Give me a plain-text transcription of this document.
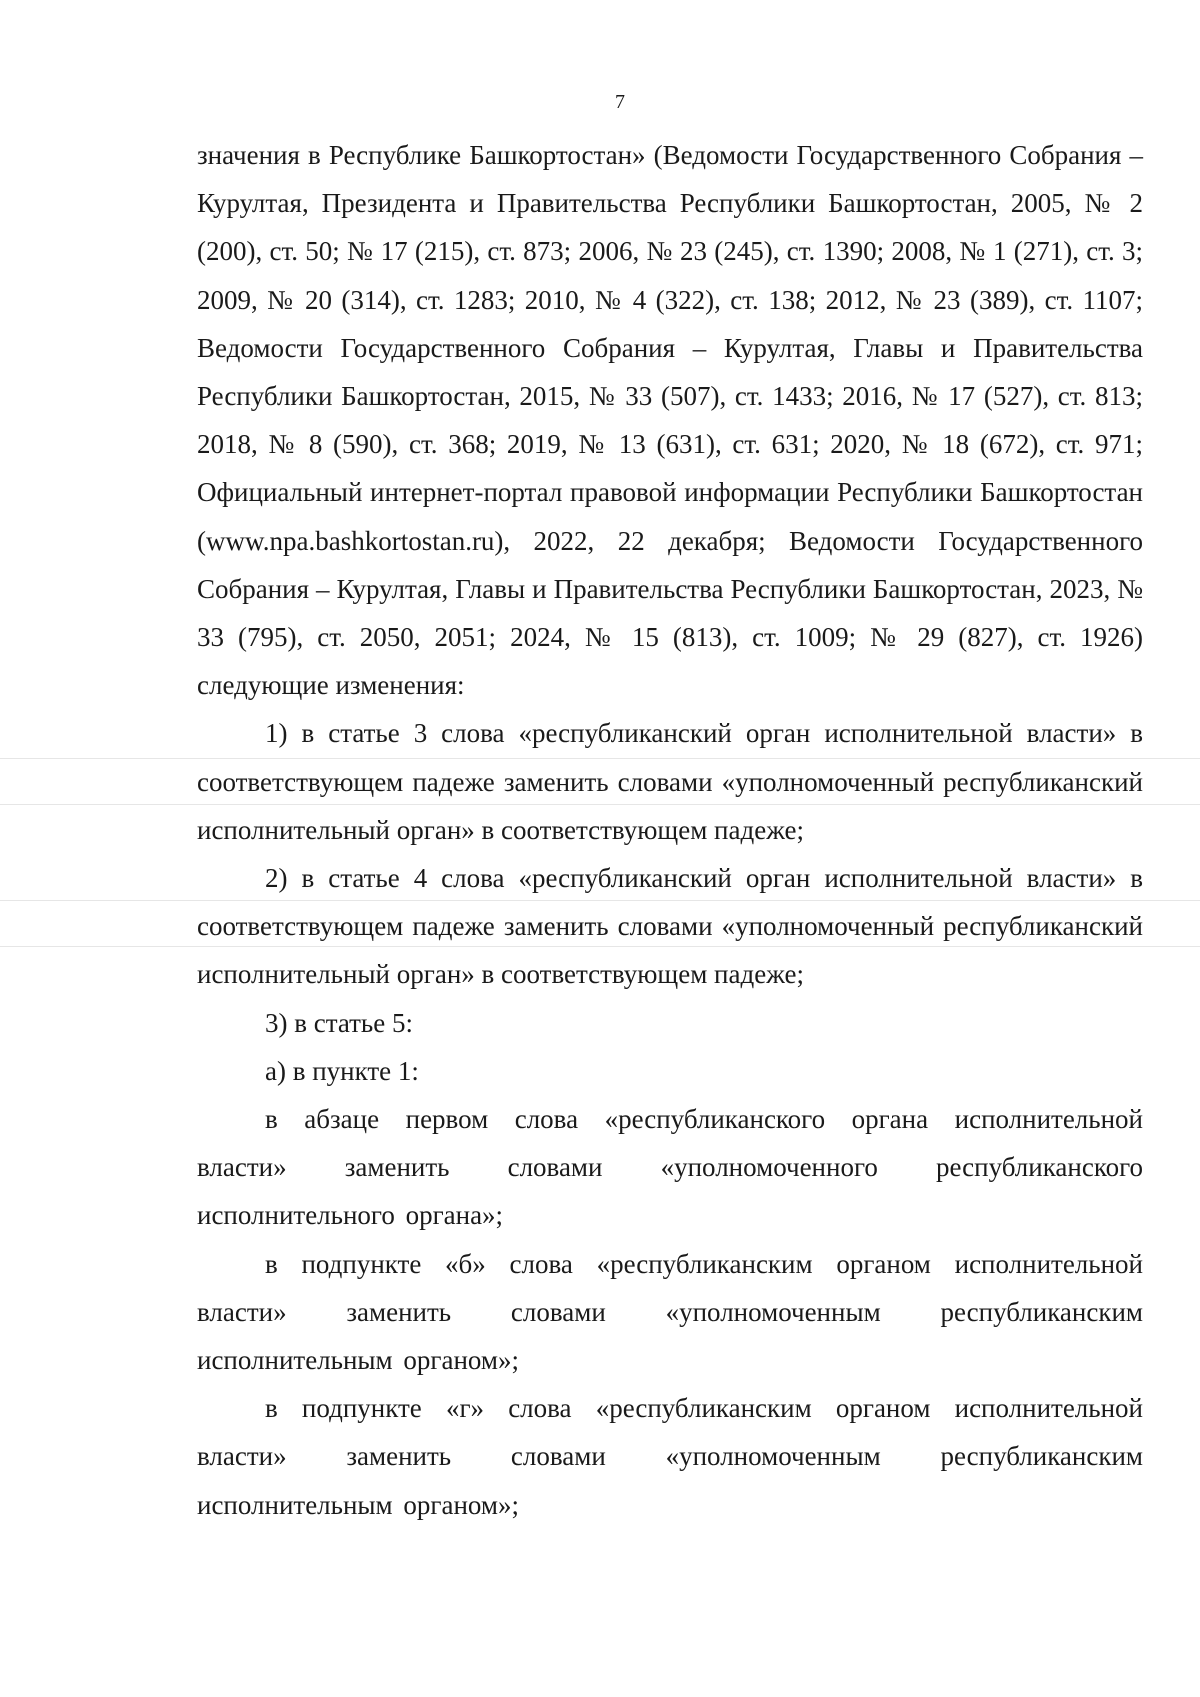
7

значения в Республике Башкортостан» (Ведомости Государственного Собрания – Курултая, Президента и Правительства Республики Башкортостан, 2005, № 2 (200), ст. 50; № 17 (215), ст. 873; 2006, № 23 (245), ст. 1390; 2008, № 1 (271), ст. 3; 2009, № 20 (314), ст. 1283; 2010, № 4 (322), ст. 138; 2012, № 23 (389), ст. 1107; Ведомости Государственного Собрания – Курултая, Главы и Правительства Республики Башкортостан, 2015, № 33 (507), ст. 1433; 2016, № 17 (527), ст. 813; 2018, № 8 (590), ст. 368; 2019, № 13 (631), ст. 631; 2020, № 18 (672), ст. 971; Официальный интернет-портал правовой информации Республики Башкортостан (www.npa.bashkortostan.ru), 2022, 22 декабря; Ведомости Государственного Собрания – Курултая, Главы и Правительства Республики Башкортостан, 2023, № 33 (795), ст. 2050, 2051; 2024, № 15 (813), ст. 1009; № 29 (827), ст. 1926) следующие изменения:

1) в статье 3 слова «республиканский орган исполнительной власти» в соответствующем падеже заменить словами «уполномоченный республиканский исполнительный орган» в соответствующем падеже;

2) в статье 4 слова «республиканский орган исполнительной власти» в соответствующем падеже заменить словами «уполномоченный республиканский исполнительный орган» в соответствующем падеже;

3) в статье 5:

а) в пункте 1:

в абзаце первом слова «республиканского органа исполнительной власти» заменить словами «уполномоченного республиканского исполнительного органа»;

в подпункте «б» слова «республиканским органом исполнительной власти» заменить словами «уполномоченным республиканским исполнительным органом»;

в подпункте «г» слова «республиканским органом исполнительной власти» заменить словами «уполномоченным республиканским исполнительным органом»;
